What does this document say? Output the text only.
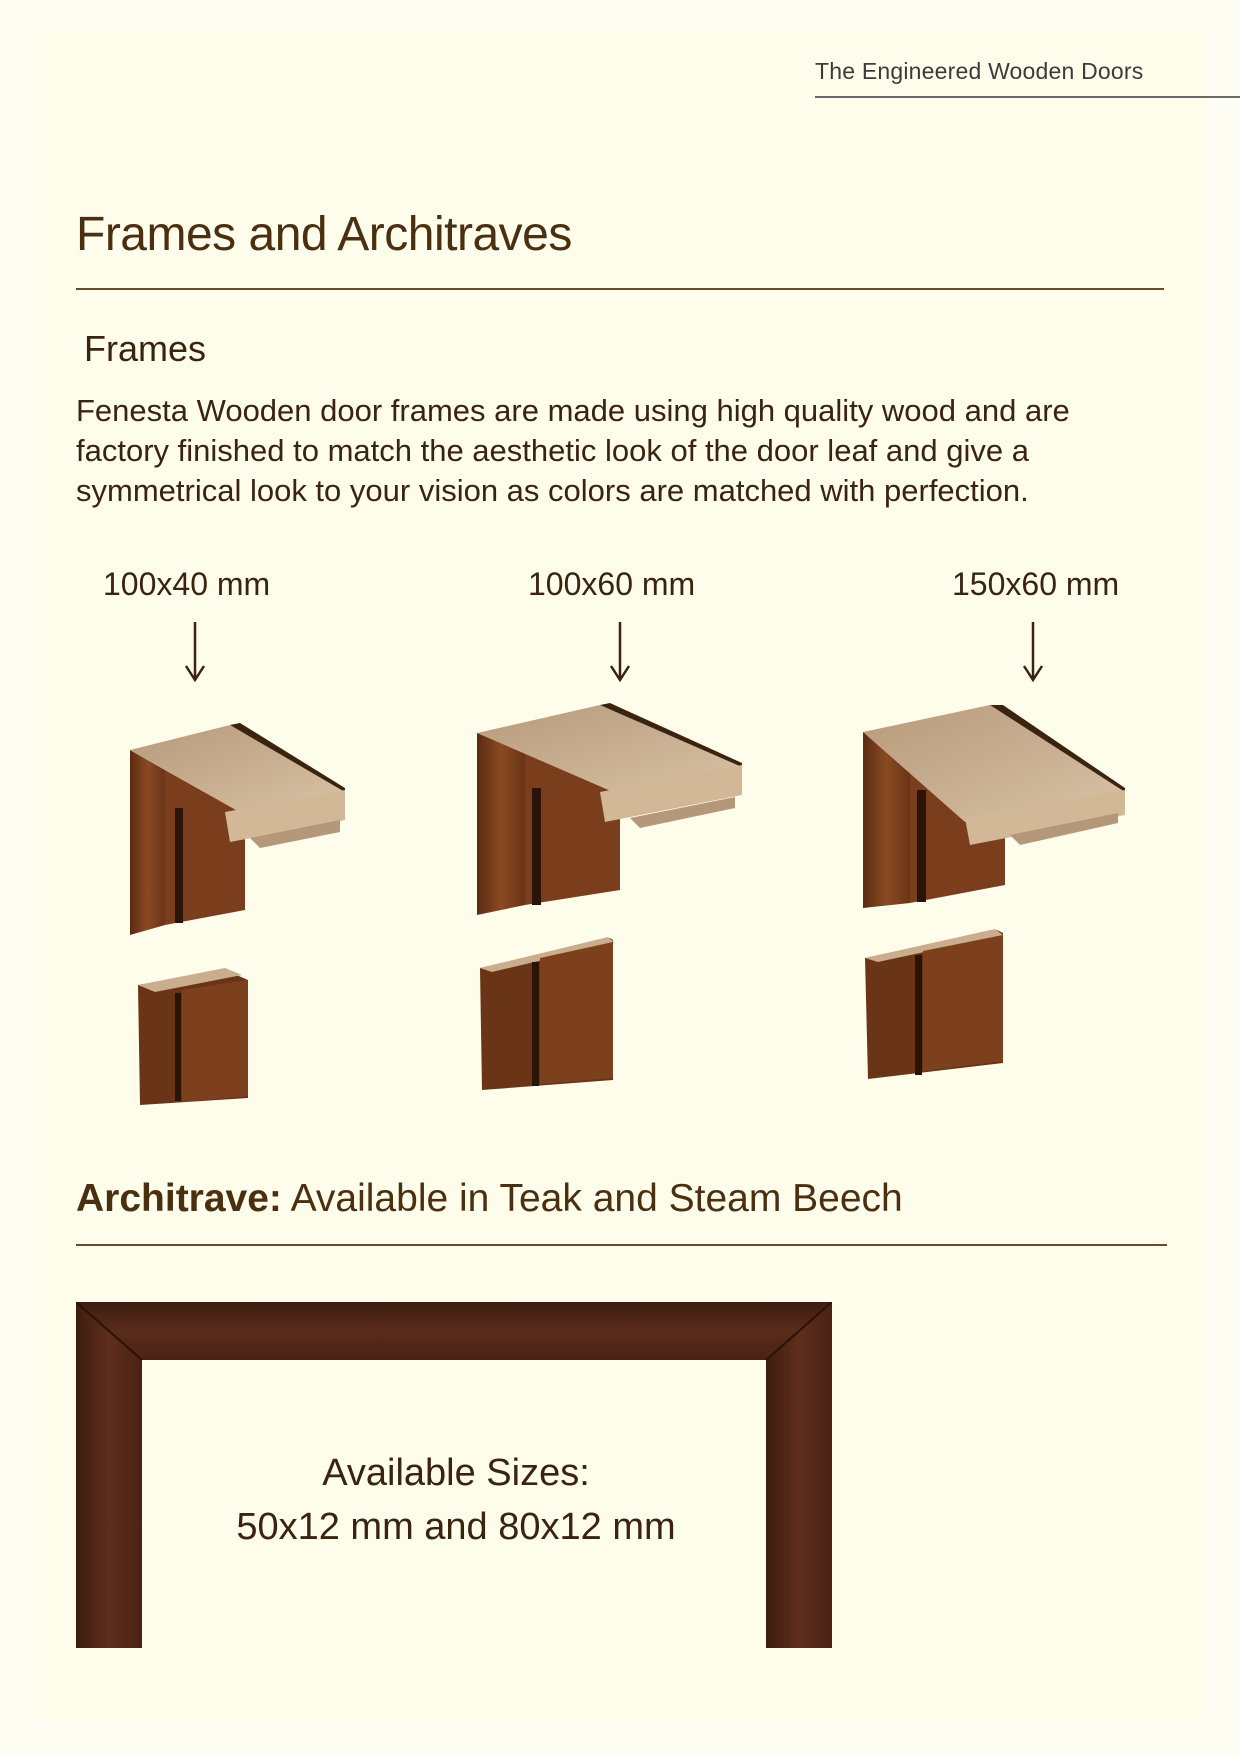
The Engineered Wooden Doors
Frames and Architraves
Frames
Fenesta Wooden door frames are made using high quality wood and are factory finished to match the aesthetic look of the door leaf and give a symmetrical look to your vision as colors are matched with perfection.
100x40 mm	100x60 mm	150x60 mm
Architrave: Available in Teak and Steam Beech
Available Sizes:
50x12 mm and 80x12 mm
